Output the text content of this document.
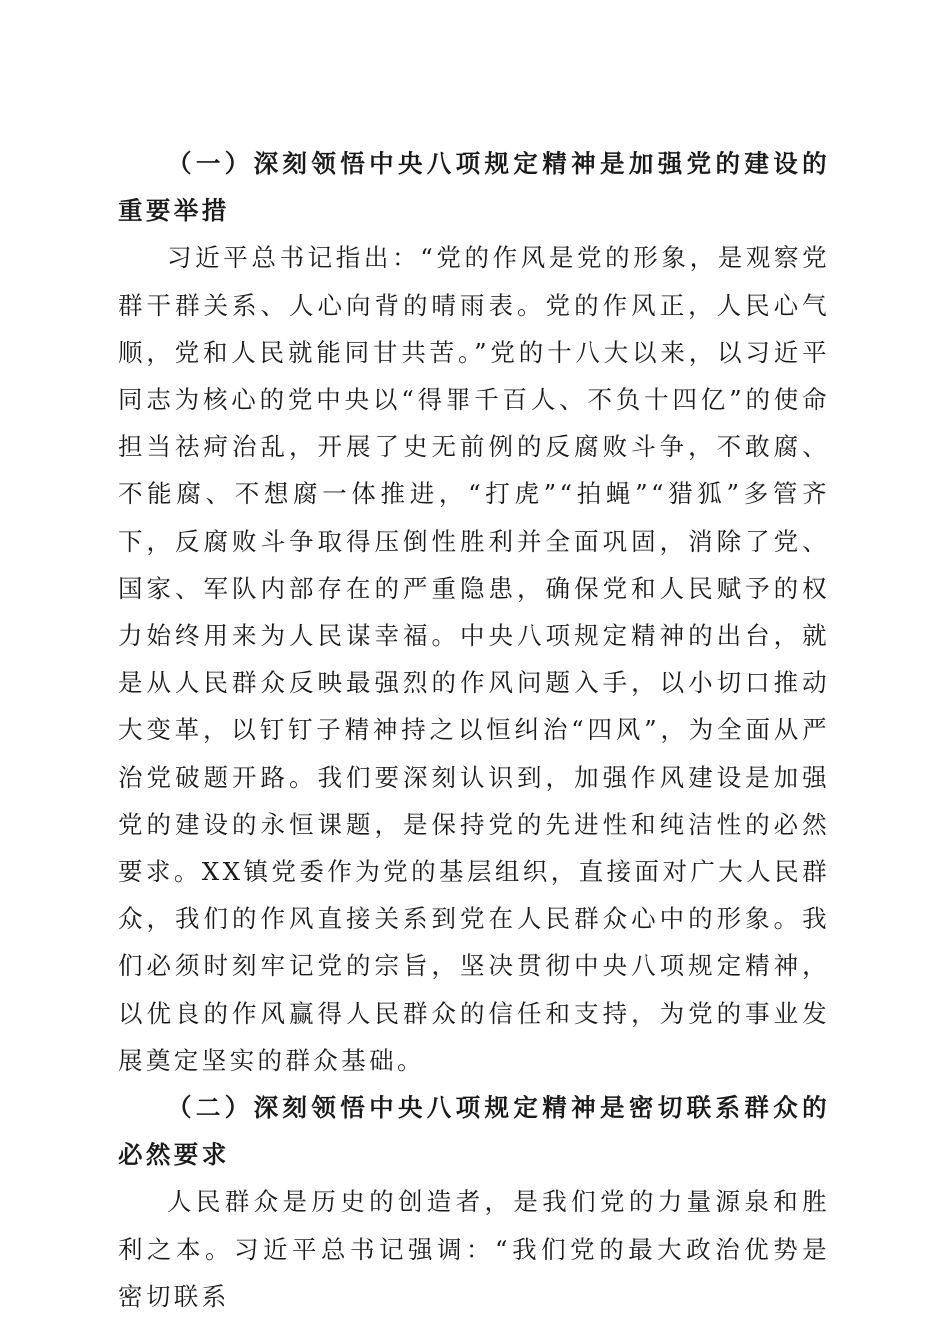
（一）深刻领悟中央八项规定精神是加强党的建设的重要举措

习近平总书记指出：“党的作风是党的形象，是观察党群干群关系、人心向背的晴雨表。党的作风正，人民心气顺，党和人民就能同甘共苦。”党的十八大以来，以习近平同志为核心的党中央以“得罪千百人、不负十四亿”的使命担当祛疴治乱，开展了史无前例的反腐败斗争，不敢腐、不能腐、不想腐一体推进，“打虎”“拍蝇”“猎狐”多管齐下，反腐败斗争取得压倒性胜利并全面巩固，消除了党、国家、军队内部存在的严重隐患，确保党和人民赋予的权力始终用来为人民谋幸福。中央八项规定精神的出台，就是从人民群众反映最强烈的作风问题入手，以小切口推动大变革，以钉钉子精神持之以恒纠治“四风”，为全面从严治党破题开路。我们要深刻认识到，加强作风建设是加强党的建设的永恒课题，是保持党的先进性和纯洁性的必然要求。XX镇党委作为党的基层组织，直接面对广大人民群众，我们的作风直接关系到党在人民群众心中的形象。我们必须时刻牢记党的宗旨，坚决贯彻中央八项规定精神，以优良的作风赢得人民群众的信任和支持，为党的事业发展奠定坚实的群众基础。

（二）深刻领悟中央八项规定精神是密切联系群众的必然要求

人民群众是历史的创造者，是我们党的力量源泉和胜利之本。习近平总书记强调：“我们党的最大政治优势是密切联系
